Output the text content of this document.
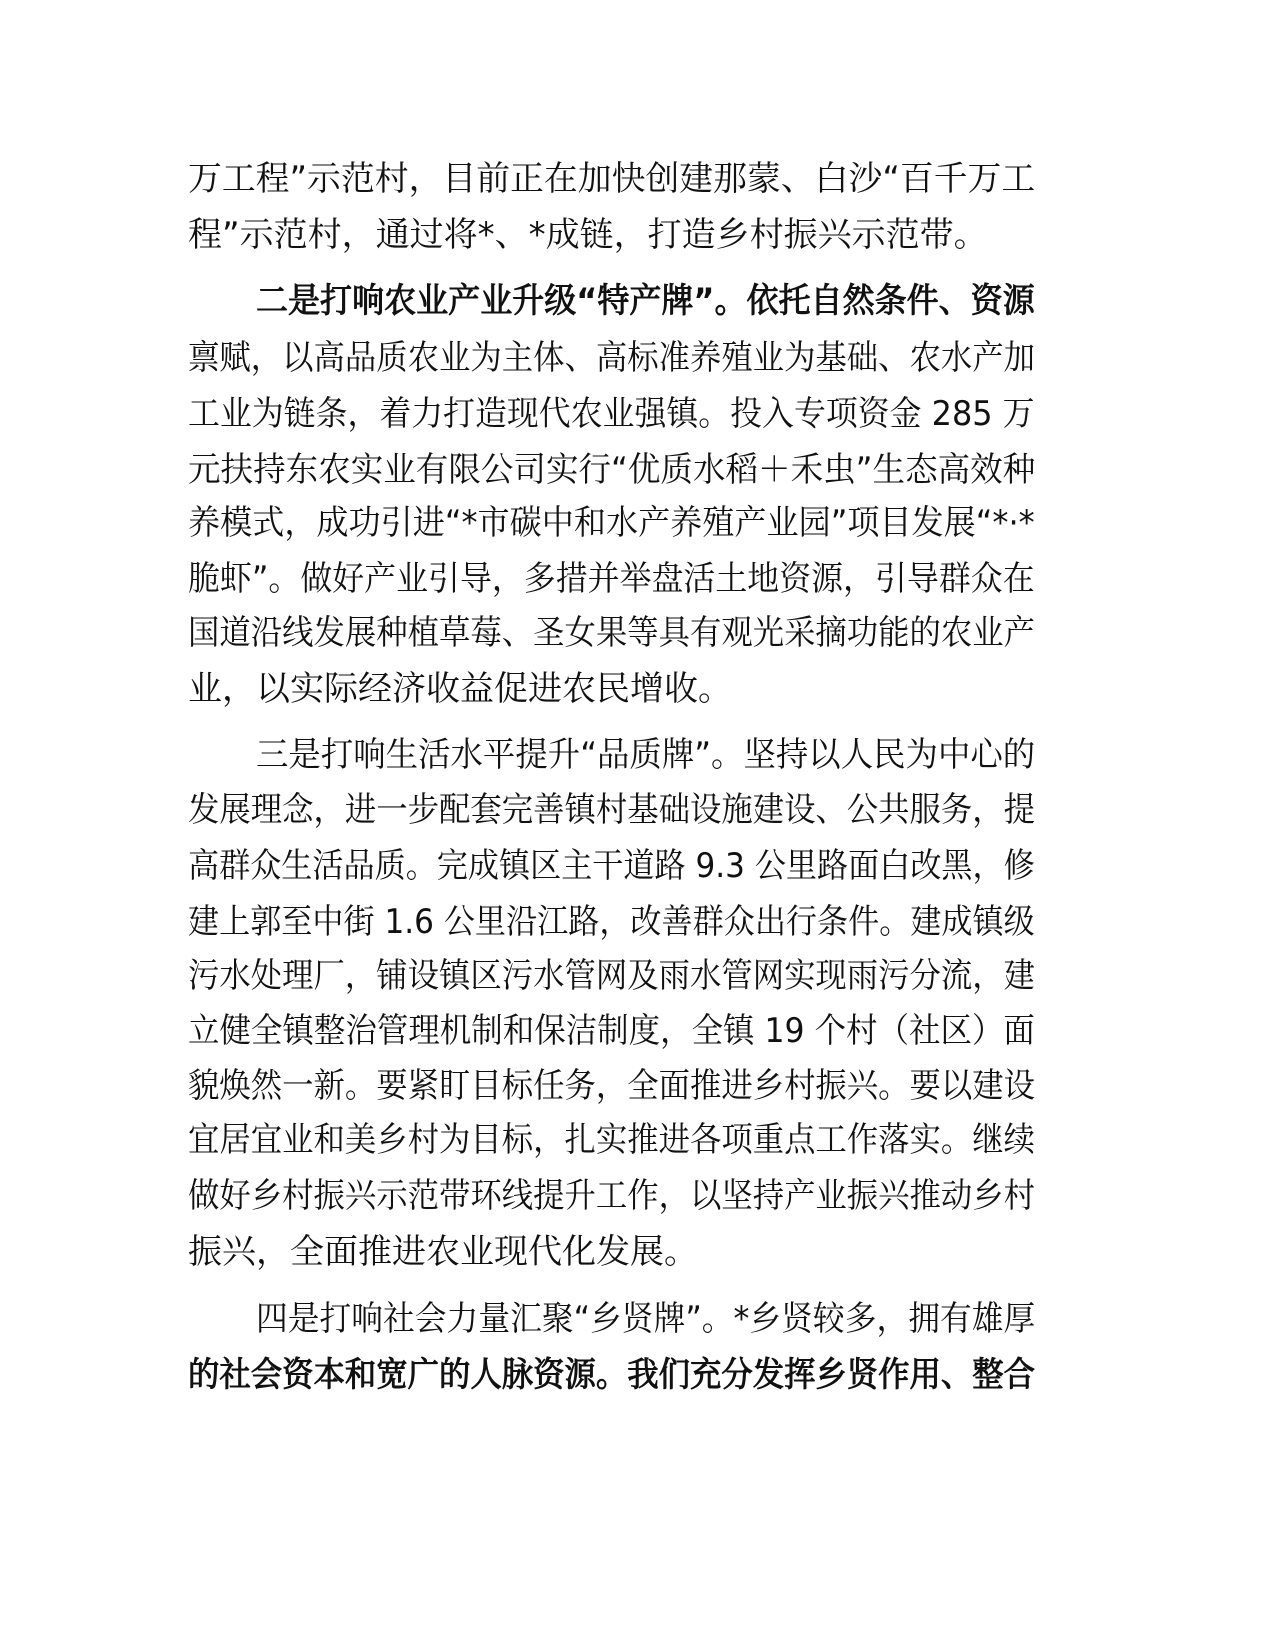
万工程”示范村，目前正在加快创建那蒙、白沙“百千万工
程”示范村，通过将*、*成链，打造乡村振兴示范带。
二是打响农业产业升级“特产牌”。依托自然条件、资源
禀赋，以高品质农业为主体、高标准养殖业为基础、农水产加
工业为链条，着力打造现代农业强镇。投入专项资金 285 万
元扶持东农实业有限公司实行“优质水稻＋禾虫”生态高效种
养模式，成功引进“*市碳中和水产养殖产业园”项目发展“*·*
脆虾”。做好产业引导，多措并举盘活土地资源，引导群众在
国道沿线发展种植草莓、圣女果等具有观光采摘功能的农业产
业，以实际经济收益促进农民增收。
三是打响生活水平提升“品质牌”。坚持以人民为中心的
发展理念，进一步配套完善镇村基础设施建设、公共服务，提
高群众生活品质。完成镇区主干道路 9.3 公里路面白改黑，修
建上郭至中街 1.6 公里沿江路，改善群众出行条件。建成镇级
污水处理厂，铺设镇区污水管网及雨水管网实现雨污分流，建
立健全镇整治管理机制和保洁制度，全镇 19 个村（社区）面
貌焕然一新。要紧盯目标任务，全面推进乡村振兴。要以建设
宜居宜业和美乡村为目标，扎实推进各项重点工作落实。继续
做好乡村振兴示范带环线提升工作，以坚持产业振兴推动乡村
振兴，全面推进农业现代化发展。
四是打响社会力量汇聚“乡贤牌”。*乡贤较多，拥有雄厚
的社会资本和宽广的人脉资源。我们充分发挥乡贤作用、整合
